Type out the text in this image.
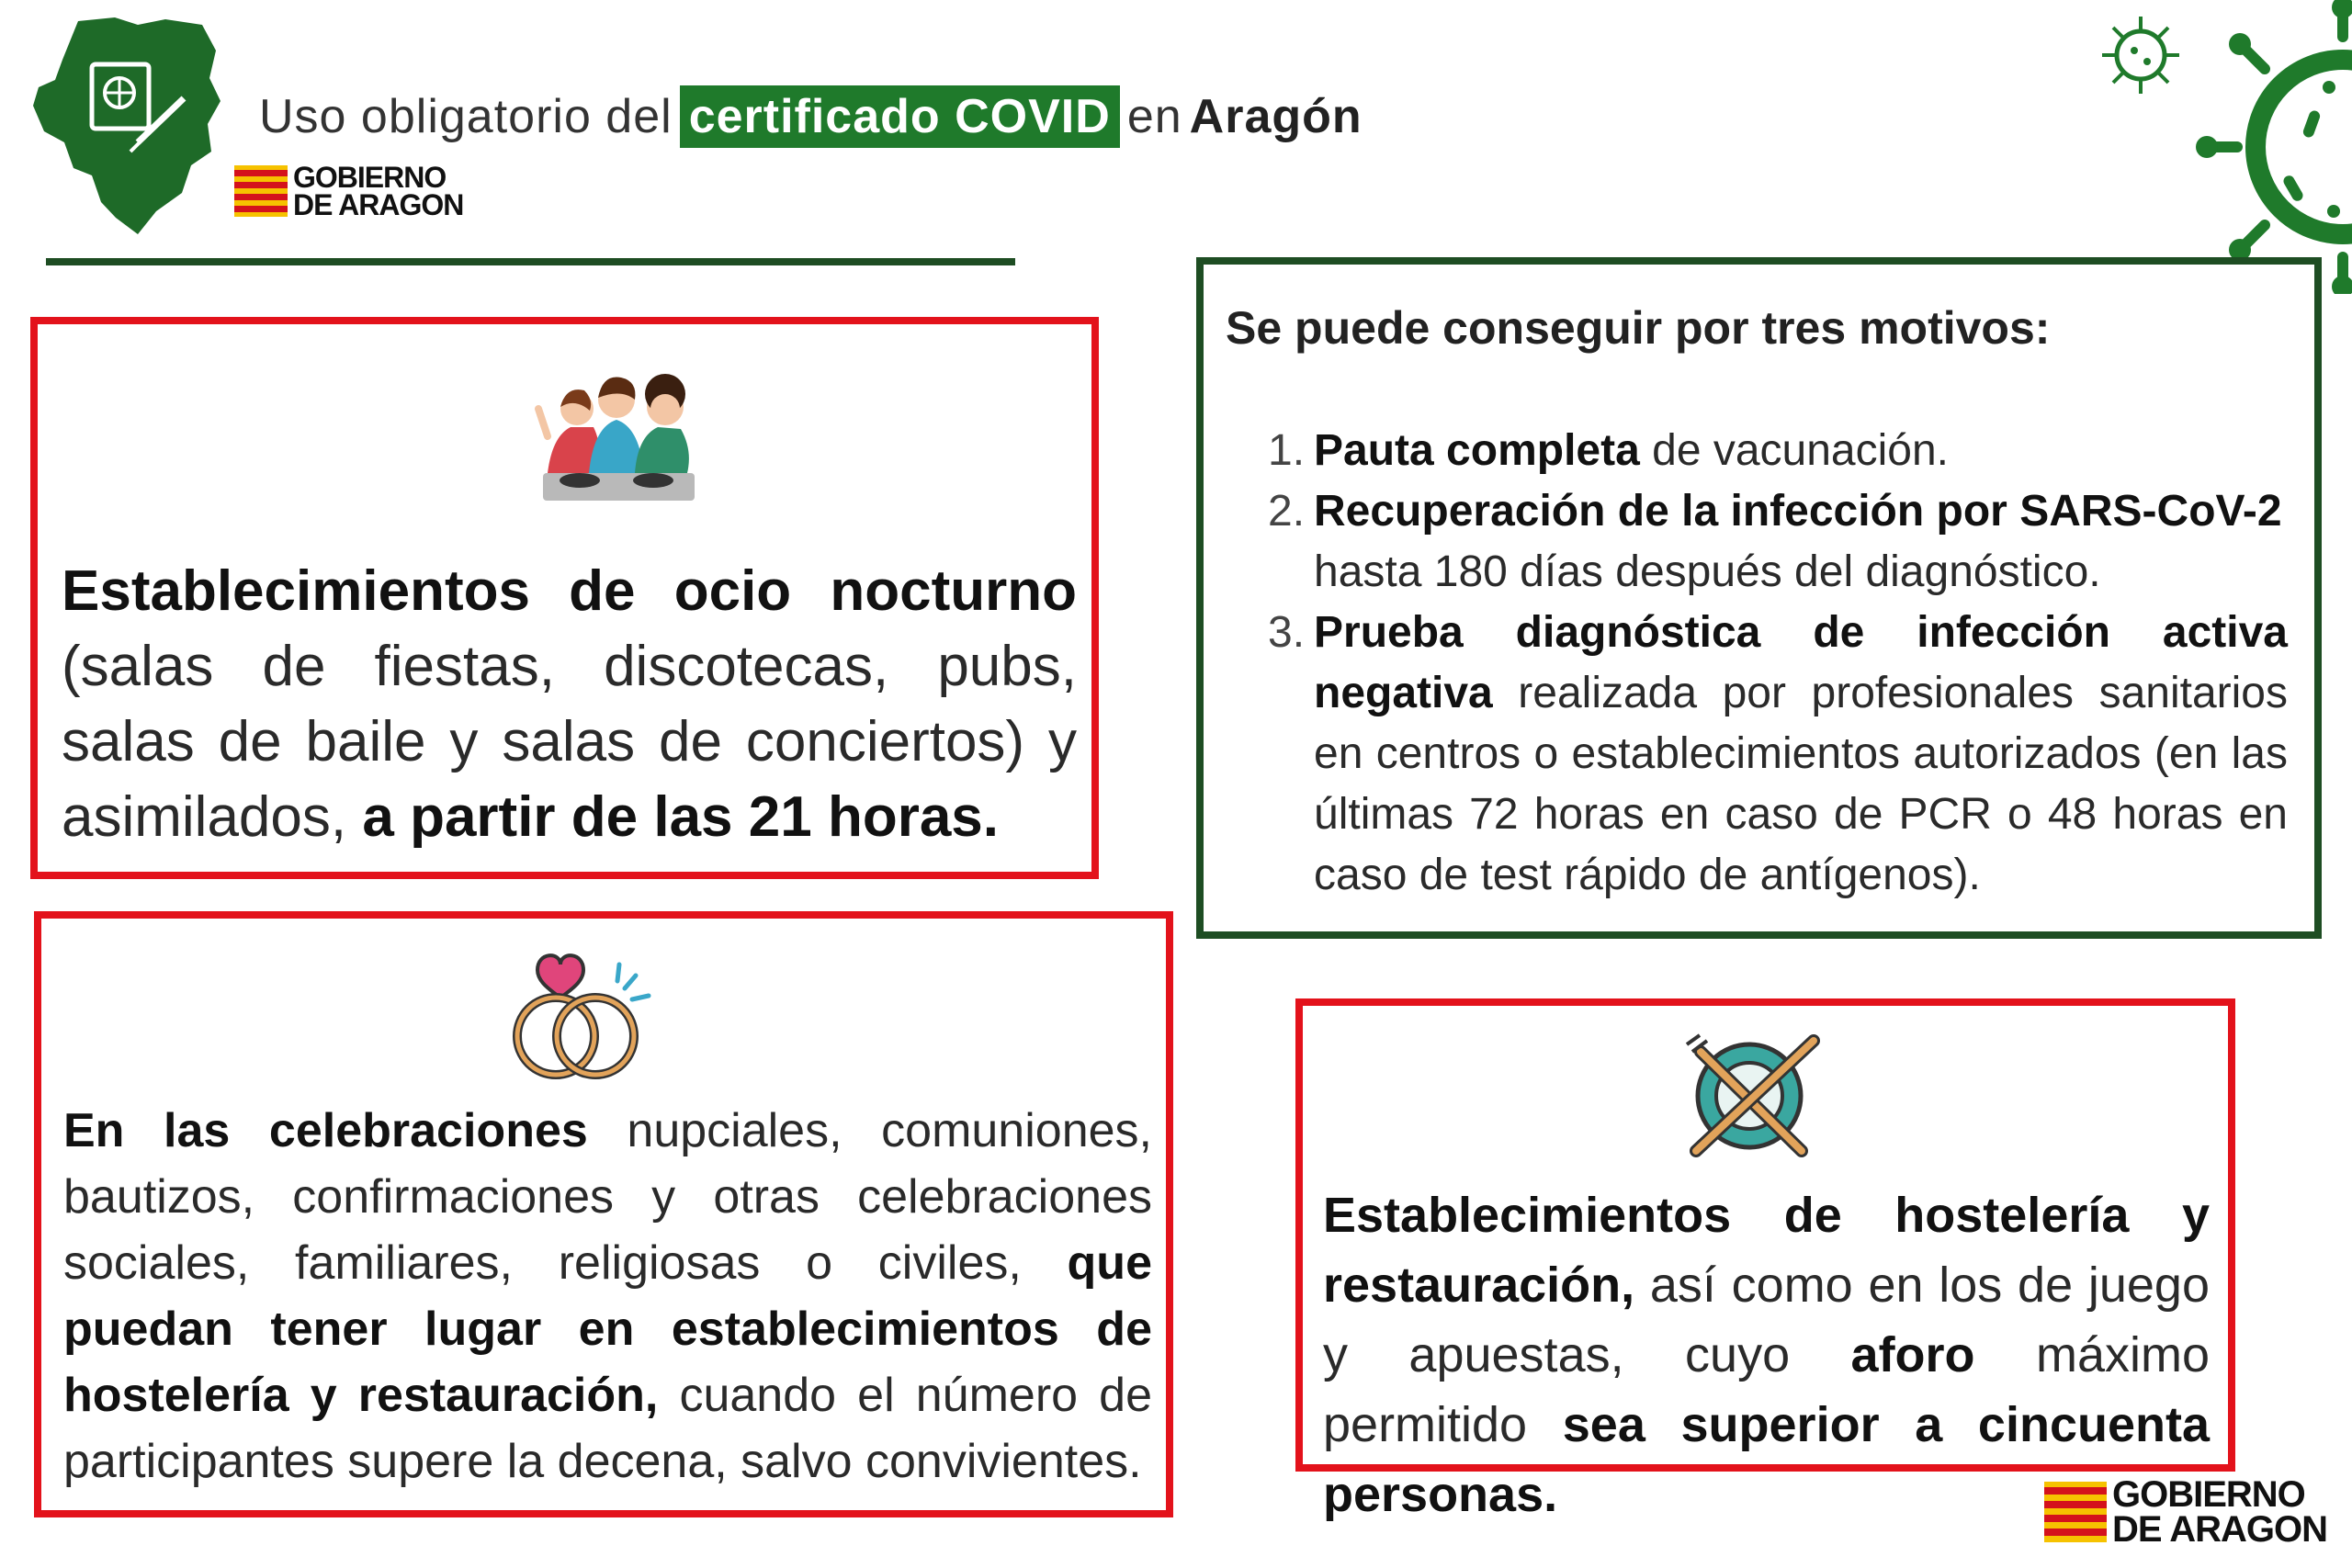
Uso obligatorio del certificado COVID en Aragón
GOBIERNO
DE ARAGON
Establecimientos de ocio nocturno (salas de fiestas, discotecas, pubs, salas de baile y salas de conciertos) y asimilados, a partir de las 21 horas.
Se puede conseguir por tres motivos:
1. Pauta completa de vacunación.
2. Recuperación de la infección por SARS-CoV-2 hasta 180 días después del diagnóstico.
3. Prueba diagnóstica de infección activa negativa realizada por profesionales sanitarios en centros o establecimientos autorizados (en las últimas 72 horas en caso de PCR o 48 horas en caso de test rápido de antígenos).
En las celebraciones nupciales, comuniones, bautizos, confirmaciones y otras celebraciones sociales, familiares, religiosas o civiles, que puedan tener lugar en establecimientos de hostelería y restauración, cuando el número de participantes supere la decena, salvo convivientes.
Establecimientos de hostelería y restauración, así como en los de juego y apuestas, cuyo aforo máximo permitido sea superior a cincuenta personas.	GOBIERNO
DE ARAGON
